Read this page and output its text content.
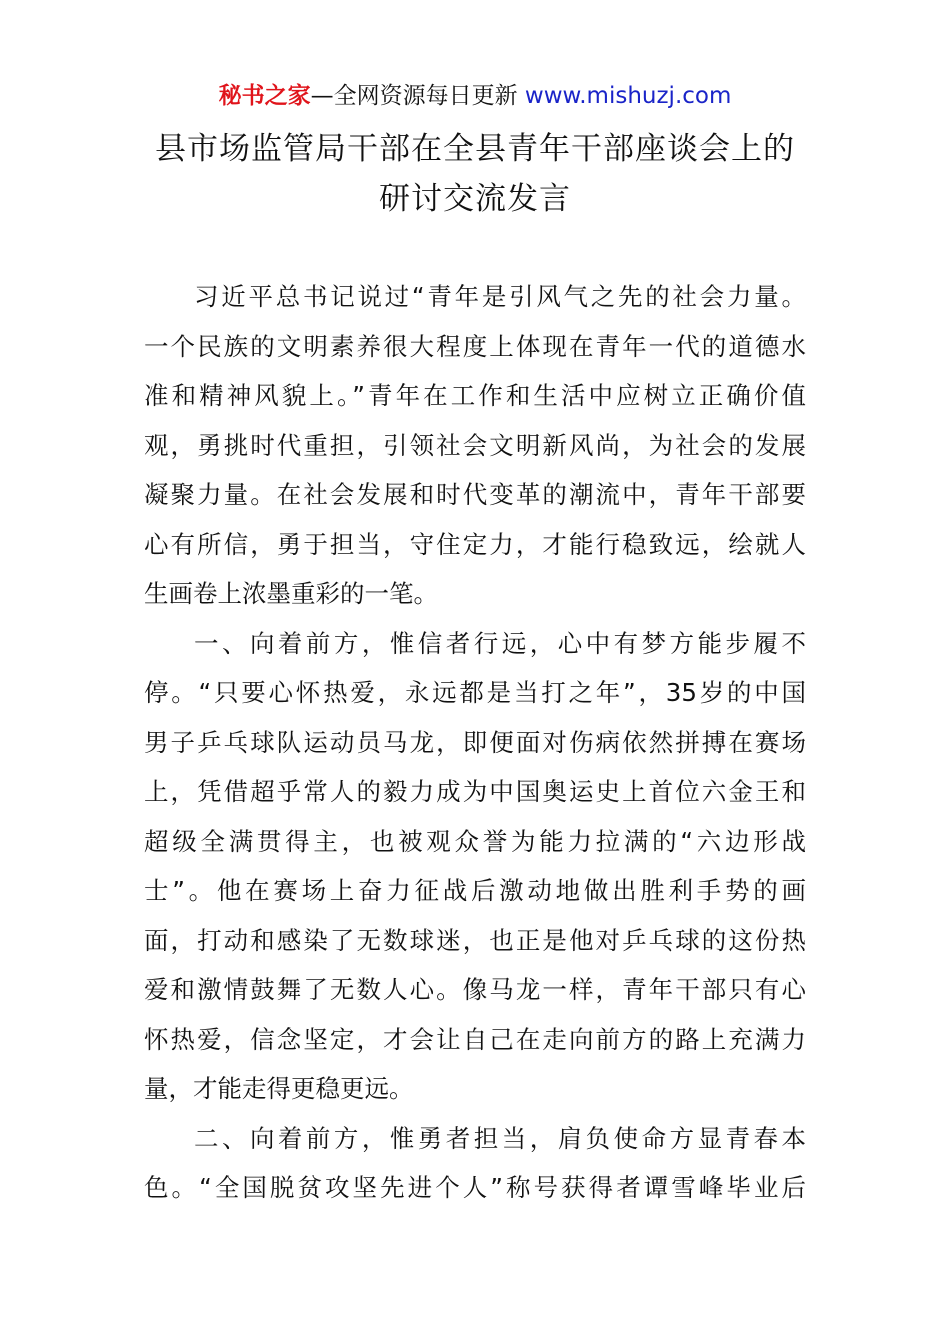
秘书之家—全网资源每日更新 www.mishuzj.com
县市场监管局干部在全县青年干部座谈会上的
研讨交流发言
习近平总书记说过“青年是引风气之先的社会力量。
一个民族的文明素养很大程度上体现在青年一代的道德水
准和精神风貌上。”青年在工作和生活中应树立正确价值
观，勇挑时代重担，引领社会文明新风尚，为社会的发展
凝聚力量。在社会发展和时代变革的潮流中，青年干部要
心有所信，勇于担当，守住定力，才能行稳致远，绘就人
生画卷上浓墨重彩的一笔。
一、向着前方，惟信者行远，心中有梦方能步履不
停。“只要心怀热爱，永远都是当打之年”，35岁的中国
男子乒乓球队运动员马龙，即便面对伤病依然拼搏在赛场
上，凭借超乎常人的毅力成为中国奥运史上首位六金王和
超级全满贯得主，也被观众誉为能力拉满的“六边形战
士”。他在赛场上奋力征战后激动地做出胜利手势的画
面，打动和感染了无数球迷，也正是他对乒乓球的这份热
爱和激情鼓舞了无数人心。像马龙一样，青年干部只有心
怀热爱，信念坚定，才会让自己在走向前方的路上充满力
量，才能走得更稳更远。
二、向着前方，惟勇者担当，肩负使命方显青春本
色。“全国脱贫攻坚先进个人”称号获得者谭雪峰毕业后
